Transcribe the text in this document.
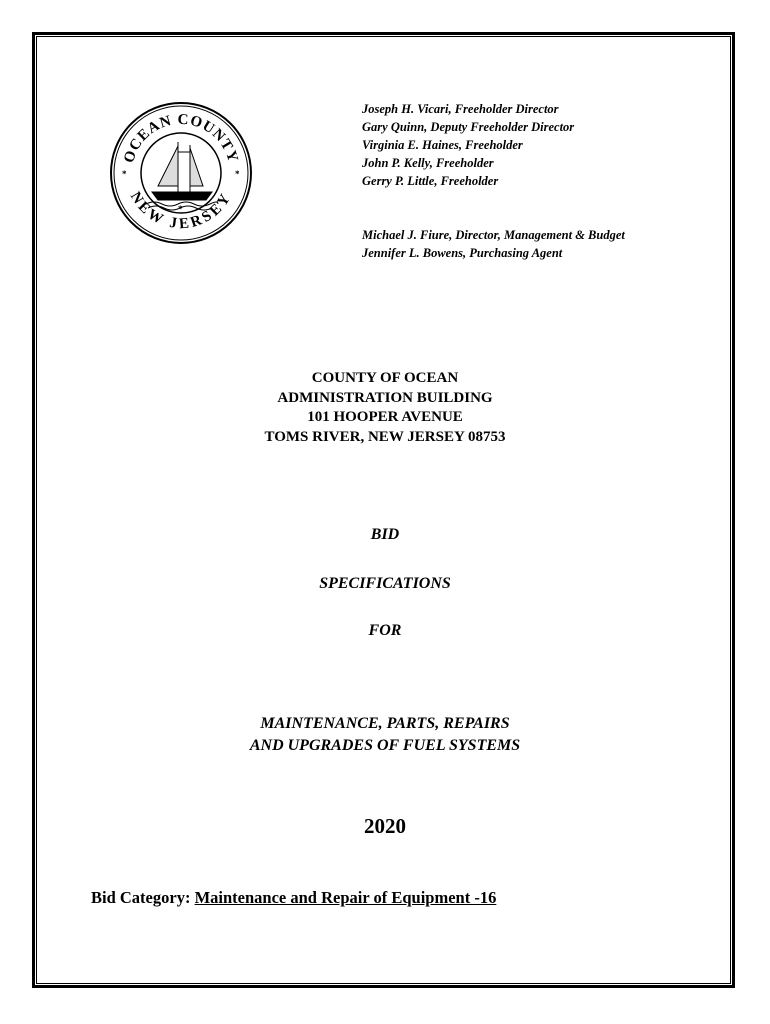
OCEAN COUNTY
NEW JERSEY
*	*
*
Joseph H. Vicari, Freeholder Director
Gary Quinn, Deputy Freeholder Director
Virginia E. Haines, Freeholder
John P. Kelly, Freeholder
Gerry P. Little, Freeholder
Michael J. Fiure, Director, Management & Budget
Jennifer L. Bowens, Purchasing Agent
COUNTY OF OCEAN
ADMINISTRATION BUILDING
101 HOOPER AVENUE
TOMS RIVER, NEW JERSEY 08753
BID
SPECIFICATIONS
FOR
MAINTENANCE, PARTS, REPAIRS
AND UPGRADES OF FUEL SYSTEMS
2020
Bid Category: Maintenance and Repair of Equipment -16
